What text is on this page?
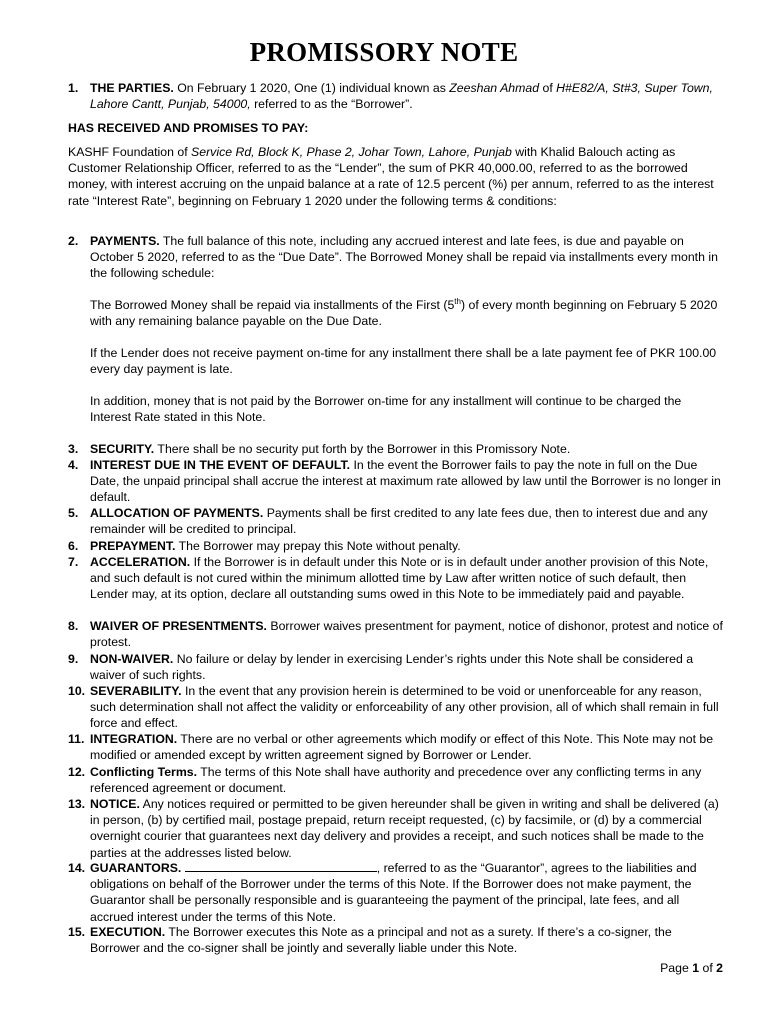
PROMISSORY NOTE
1. THE PARTIES. On February 1 2020, One (1) individual known as Zeeshan Ahmad of H#E82/A, St#3, Super Town, Lahore Cantt, Punjab, 54000, referred to as the “Borrower”.
HAS RECEIVED AND PROMISES TO PAY:
KASHF Foundation of Service Rd, Block K, Phase 2, Johar Town, Lahore, Punjab with Khalid Balouch acting as Customer Relationship Officer, referred to as the “Lender”, the sum of PKR 40,000.00, referred to as the borrowed money, with interest accruing on the unpaid balance at a rate of 12.5 percent (%) per annum, referred to as the interest rate “Interest Rate”, beginning on February 1 2020 under the following terms & conditions:
2. PAYMENTS. The full balance of this note, including any accrued interest and late fees, is due and payable on October 5 2020, referred to as the “Due Date”. The Borrowed Money shall be repaid via installments every month in the following schedule:
The Borrowed Money shall be repaid via installments of the First (5th) of every month beginning on February 5 2020 with any remaining balance payable on the Due Date.
If the Lender does not receive payment on-time for any installment there shall be a late payment fee of PKR 100.00 every day payment is late.
In addition, money that is not paid by the Borrower on-time for any installment will continue to be charged the Interest Rate stated in this Note.
3. SECURITY. There shall be no security put forth by the Borrower in this Promissory Note.
4. INTEREST DUE IN THE EVENT OF DEFAULT. In the event the Borrower fails to pay the note in full on the Due Date, the unpaid principal shall accrue the interest at maximum rate allowed by law until the Borrower is no longer in default.
5. ALLOCATION OF PAYMENTS. Payments shall be first credited to any late fees due, then to interest due and any remainder will be credited to principal.
6. PREPAYMENT. The Borrower may prepay this Note without penalty.
7. ACCELERATION. If the Borrower is in default under this Note or is in default under another provision of this Note, and such default is not cured within the minimum allotted time by Law after written notice of such default, then Lender may, at its option, declare all outstanding sums owed in this Note to be immediately paid and payable.
8. WAIVER OF PRESENTMENTS. Borrower waives presentment for payment, notice of dishonor, protest and notice of protest.
9. NON-WAIVER. No failure or delay by lender in exercising Lender’s rights under this Note shall be considered a waiver of such rights.
10. SEVERABILITY. In the event that any provision herein is determined to be void or unenforceable for any reason, such determination shall not affect the validity or enforceability of any other provision, all of which shall remain in full force and effect.
11. INTEGRATION. There are no verbal or other agreements which modify or effect of this Note. This Note may not be modified or amended except by written agreement signed by Borrower or Lender.
12. Conflicting Terms. The terms of this Note shall have authority and precedence over any conflicting terms in any referenced agreement or document.
13. NOTICE. Any notices required or permitted to be given hereunder shall be given in writing and shall be delivered (a) in person, (b) by certified mail, postage prepaid, return receipt requested, (c) by facsimile, or (d) by a commercial overnight courier that guarantees next day delivery and provides a receipt, and such notices shall be made to the parties at the addresses listed below.
14. GUARANTORS.	, referred to as the “Guarantor”, agrees to the liabilities and obligations on behalf of the Borrower under the terms of this Note. If the Borrower does not make payment, the Guarantor shall be personally responsible and is guaranteeing the payment of the principal, late fees, and all accrued interest under the terms of this Note.
15. EXECUTION. The Borrower executes this Note as a principal and not as a surety. If there’s a co-signer, the Borrower and the co-signer shall be jointly and severally liable under this Note.
Page 1 of 2
